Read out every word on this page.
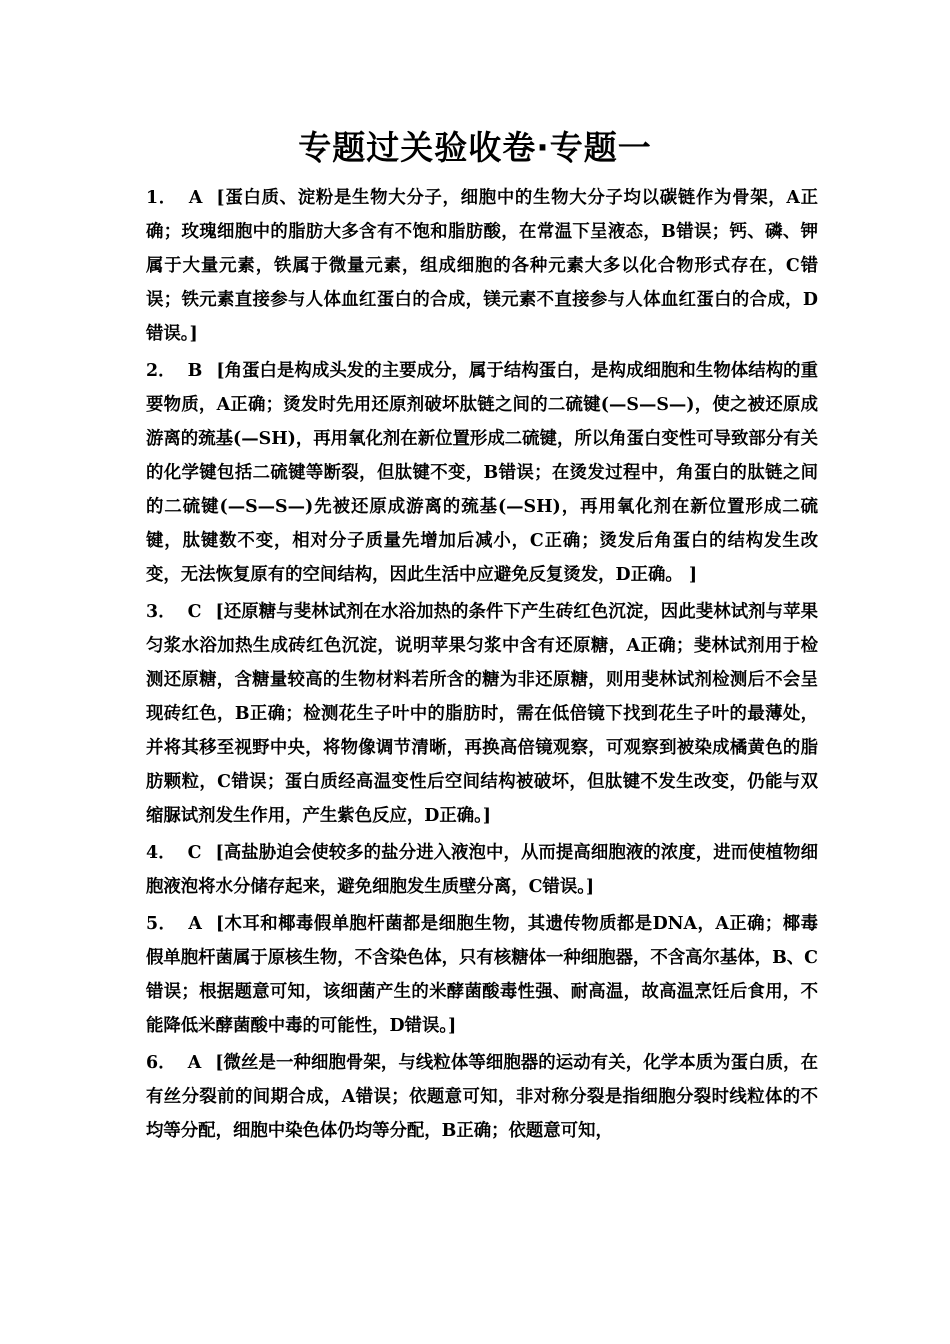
专题过关验收卷·专题一

1． A [蛋白质、淀粉是生物大分子，细胞中的生物大分子均以碳链作为骨架，A正确；玫瑰细胞中的脂肪大多含有不饱和脂肪酸，在常温下呈液态，B错误；钙、磷、钾属于大量元素，铁属于微量元素，组成细胞的各种元素大多以化合物形式存在，C错误；铁元素直接参与人体血红蛋白的合成，镁元素不直接参与人体血红蛋白的合成，D错误。]

2． B [角蛋白是构成头发的主要成分，属于结构蛋白，是构成细胞和生物体结构的重要物质，A正确；烫发时先用还原剂破坏肽链之间的二硫键(—S—S—)，使之被还原成游离的巯基(—SH)，再用氧化剂在新位置形成二硫键，所以角蛋白变性可导致部分有关的化学键包括二硫键等断裂，但肽键不变，B错误；在烫发过程中，角蛋白的肽链之间的二硫键(—S—S—)先被还原成游离的巯基(—SH)，再用氧化剂在新位置形成二硫键，肽键数不变，相对分子质量先增加后减小，C正确；烫发后角蛋白的结构发生改变，无法恢复原有的空间结构，因此生活中应避免反复烫发，D正确。 ]

3． C [还原糖与斐林试剂在水浴加热的条件下产生砖红色沉淀，因此斐林试剂与苹果匀浆水浴加热生成砖红色沉淀，说明苹果匀浆中含有还原糖，A正确；斐林试剂用于检测还原糖，含糖量较高的生物材料若所含的糖为非还原糖，则用斐林试剂检测后不会呈现砖红色，B正确；检测花生子叶中的脂肪时，需在低倍镜下找到花生子叶的最薄处，并将其移至视野中央，将物像调节清晰，再换高倍镜观察，可观察到被染成橘黄色的脂肪颗粒，C错误；蛋白质经高温变性后空间结构被破坏，但肽键不发生改变，仍能与双缩脲试剂发生作用，产生紫色反应，D正确。]

4． C [高盐胁迫会使较多的盐分进入液泡中，从而提高细胞液的浓度，进而使植物细胞液泡将水分储存起来，避免细胞发生质壁分离，C错误。]

5． A [木耳和椰毒假单胞杆菌都是细胞生物，其遗传物质都是DNA，A正确；椰毒假单胞杆菌属于原核生物，不含染色体，只有核糖体一种细胞器，不含高尔基体，B、C错误；根据题意可知，该细菌产生的米酵菌酸毒性强、耐高温，故高温烹饪后食用，不能降低米酵菌酸中毒的可能性，D错误。]

6． A [微丝是一种细胞骨架，与线粒体等细胞器的运动有关，化学本质为蛋白质，在有丝分裂前的间期合成，A错误；依题意可知，非对称分裂是指细胞分裂时线粒体的不均等分配，细胞中染色体仍均等分配，B正确；依题意可知，
